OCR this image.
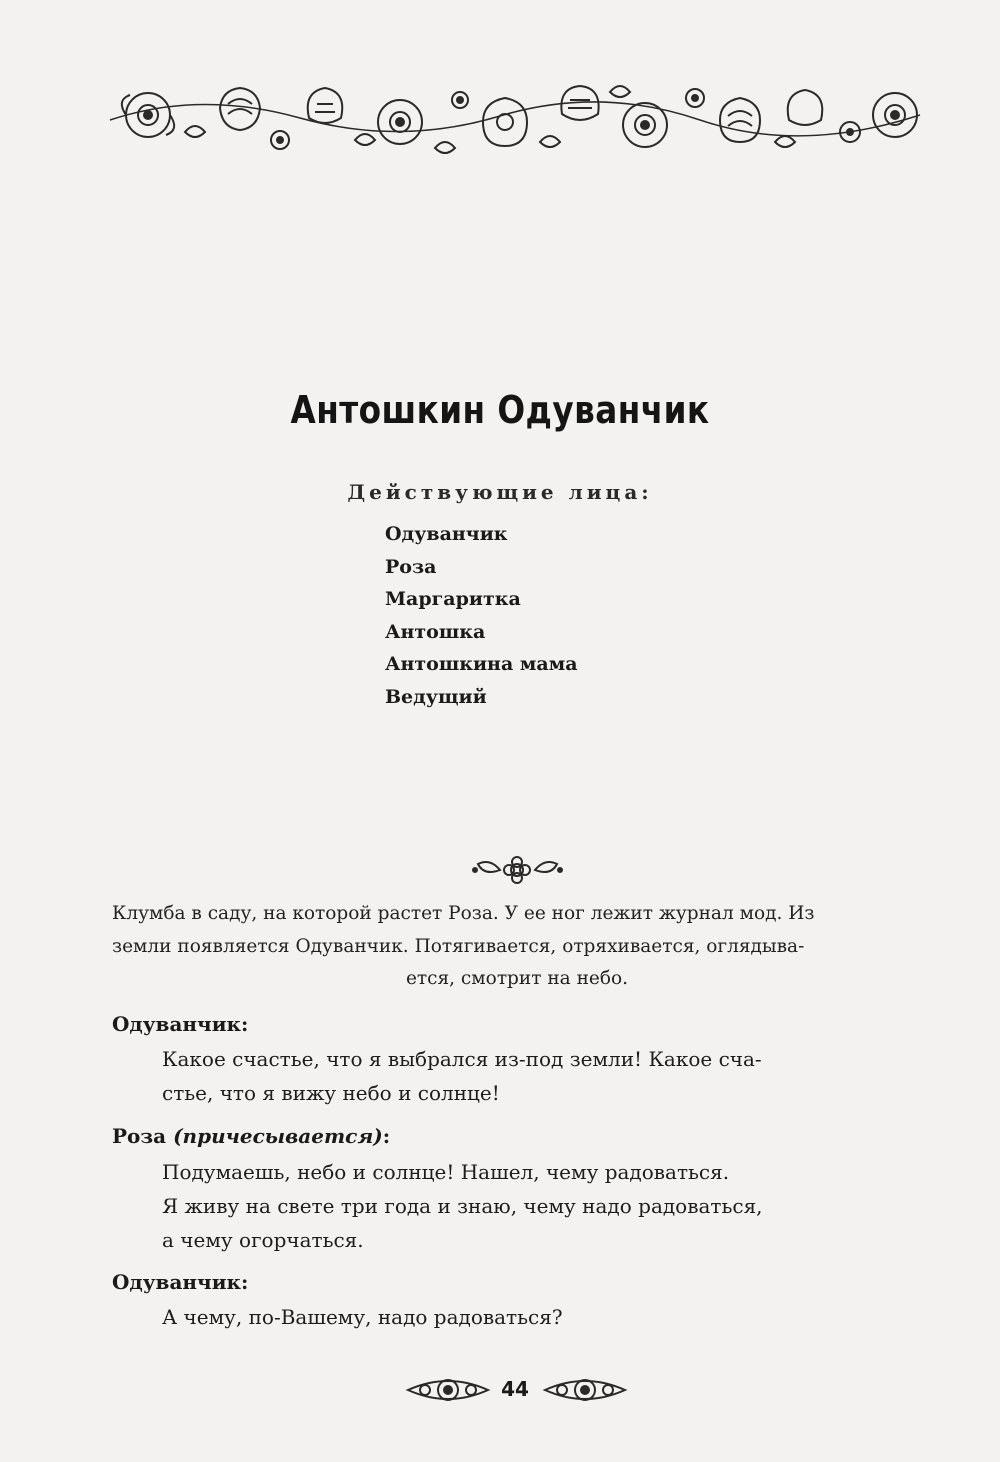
Антошкин Одуванчик
Действующие лица:
Одуванчик
Роза
Маргаритка
Антошка
Антошкина мама
Ведущий
Клумба в саду, на которой растет Роза. У ее ног лежит журнал мод. Из
земли появляется Одуванчик. Потягивается, отряхивается, оглядыва-
ется, смотрит на небо.
Одуванчик:
Какое счастье, что я выбрался из-под земли! Какое сча-
стье, что я вижу небо и солнце!
Роза (причесывается):
Подумаешь, небо и солнце! Нашел, чему радоваться.
Я живу на свете три года и знаю, чему надо радоваться,
а чему огорчаться.
Одуванчик:
А чему, по-Вашему, надо радоваться?
44
